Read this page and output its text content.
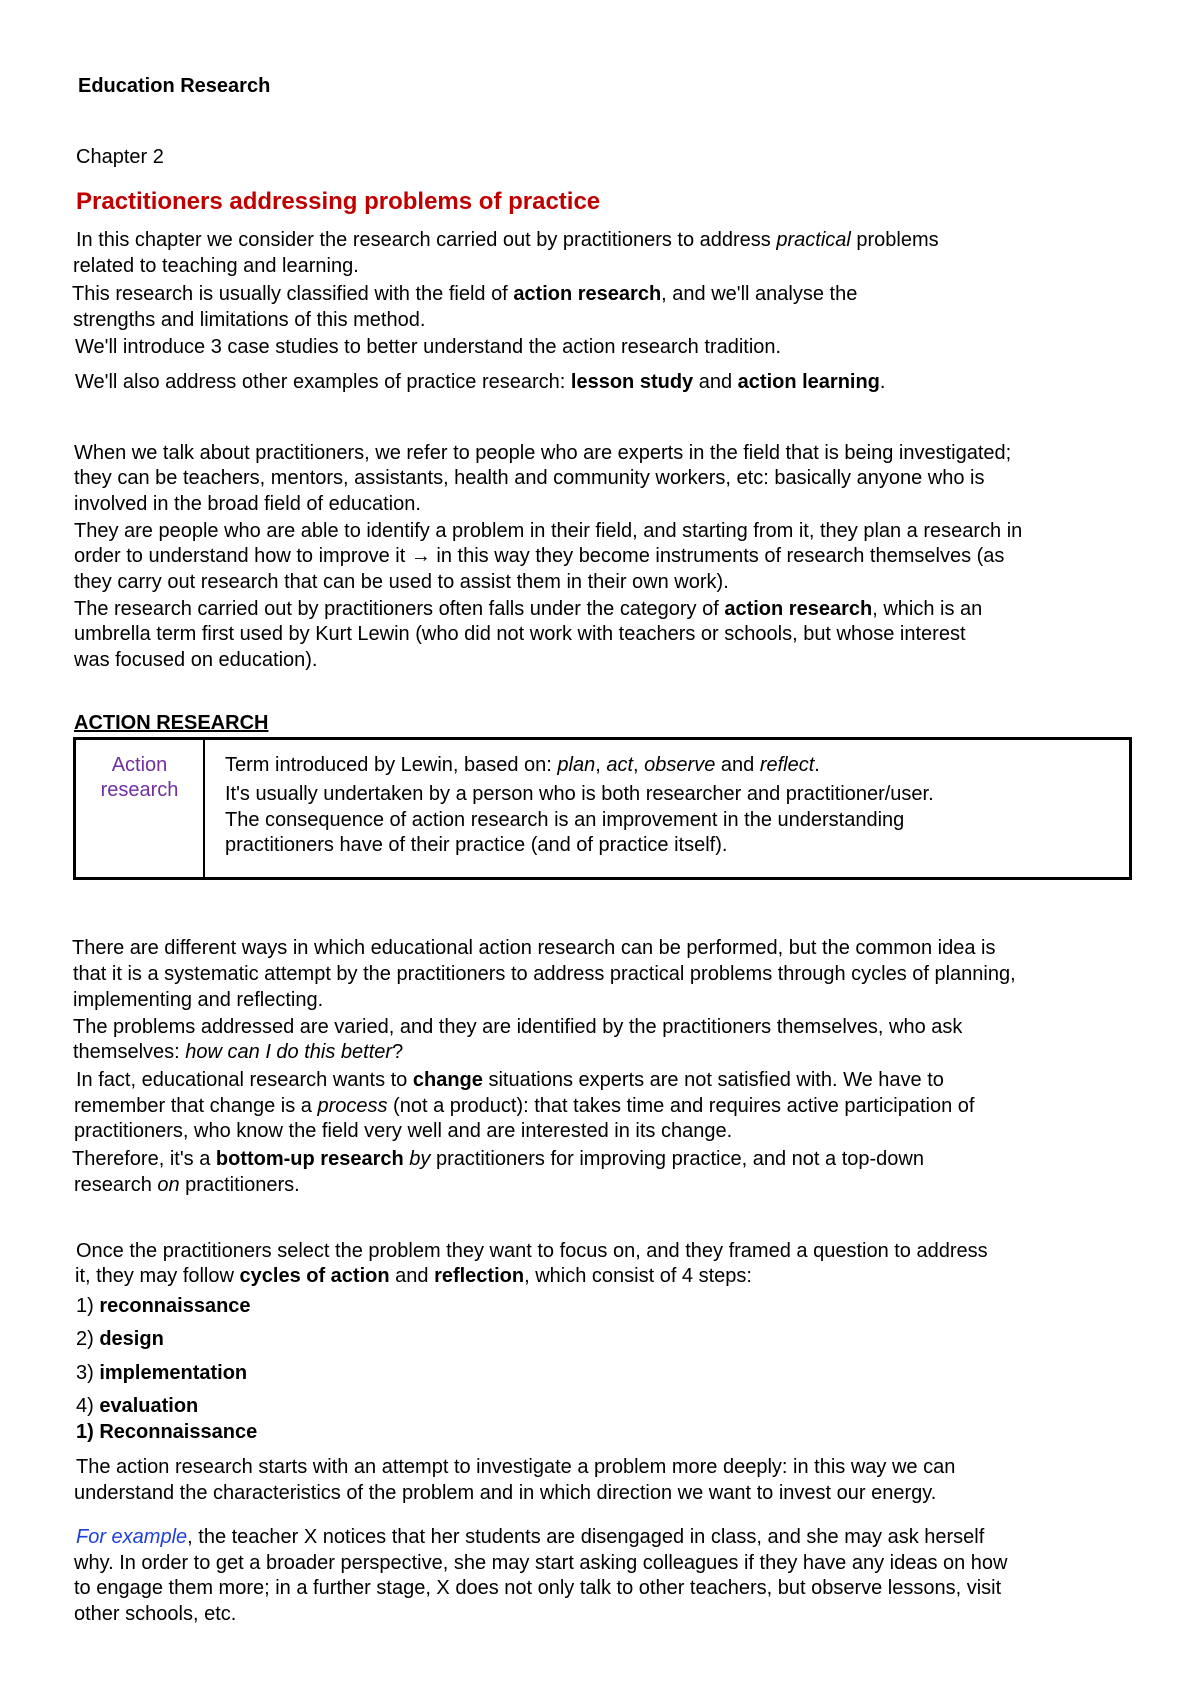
Education Research
Chapter 2
Practitioners addressing problems of practice
In this chapter we consider the research carried out by practitioners to address practical problems
related to teaching and learning.
This research is usually classified with the field of action research, and we'll analyse the
strengths and limitations of this method.
We'll introduce 3 case studies to better understand the action research tradition.
We'll also address other examples of practice research: lesson study and action learning.
When we talk about practitioners, we refer to people who are experts in the field that is being investigated;
they can be teachers, mentors, assistants, health and community workers, etc: basically anyone who is
involved in the broad field of education.
They are people who are able to identify a problem in their field, and starting from it, they plan a research in
order to understand how to improve it → in this way they become instruments of research themselves (as
they carry out research that can be used to assist them in their own work).
The research carried out by practitioners often falls under the category of action research, which is an
umbrella term first used by Kurt Lewin (who did not work with teachers or schools, but whose interest
was focused on education).
ACTION RESEARCH
Action
research
Term introduced by Lewin, based on: plan, act, observe and reflect.
It's usually undertaken by a person who is both researcher and practitioner/user.
The consequence of action research is an improvement in the understanding
practitioners have of their practice (and of practice itself).
There are different ways in which educational action research can be performed, but the common idea is
that it is a systematic attempt by the practitioners to address practical problems through cycles of planning,
implementing and reflecting.
The problems addressed are varied, and they are identified by the practitioners themselves, who ask
themselves: how can I do this better?
In fact, educational research wants to change situations experts are not satisfied with. We have to
remember that change is a process (not a product): that takes time and requires active participation of
practitioners, who know the field very well and are interested in its change.
Therefore, it's a bottom-up research by practitioners for improving practice, and not a top-down
research on practitioners.
Once the practitioners select the problem they want to focus on, and they framed a question to address
it, they may follow cycles of action and reflection, which consist of 4 steps:
1) reconnaissance
2) design
3) implementation
4) evaluation
1) Reconnaissance
The action research starts with an attempt to investigate a problem more deeply: in this way we can
understand the characteristics of the problem and in which direction we want to invest our energy.
For example, the teacher X notices that her students are disengaged in class, and she may ask herself
why. In order to get a broader perspective, she may start asking colleagues if they have any ideas on how
to engage them more; in a further stage, X does not only talk to other teachers, but observe lessons, visit
other schools, etc.
